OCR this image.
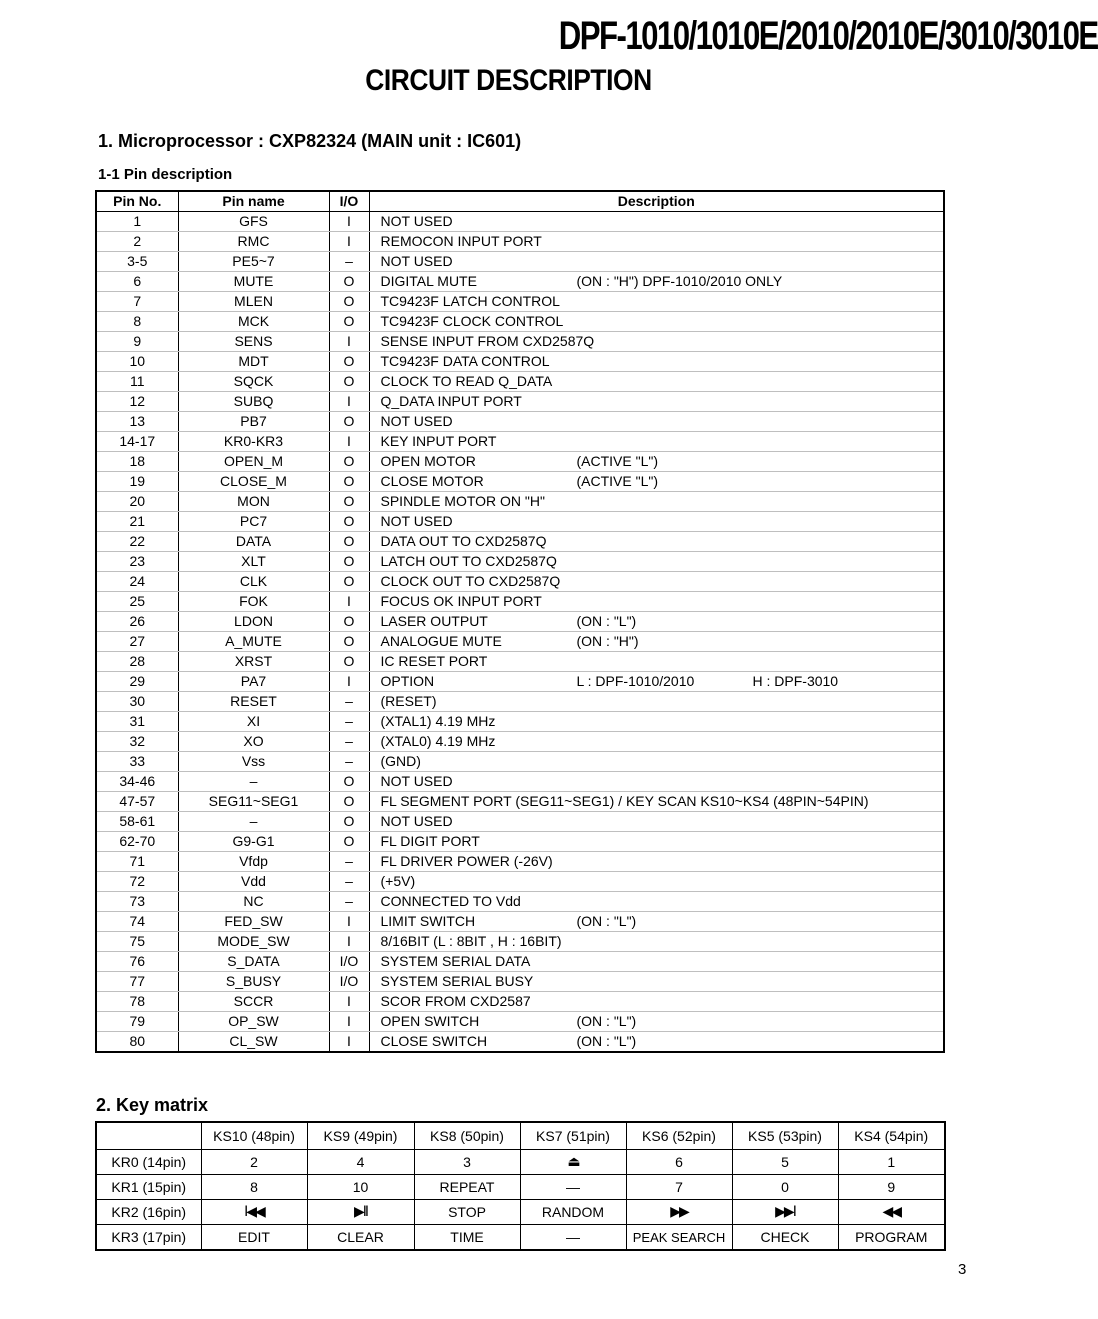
DPF-1010/1010E/2010/2010E/3010/3010E
CIRCUIT DESCRIPTION
1. Microprocessor : CXP82324 (MAIN unit : IC601)
1-1 Pin description
Pin No.	Pin name	I/O	Description
1	GFS	I	NOT USED
2	RMC	I	REMOCON INPUT PORT
3-5	PE5~7	–	NOT USED
6	MUTE	O	DIGITAL MUTE (ON : "H") DPF-1010/2010 ONLY

7	MLEN	O	TC9423F LATCH CONTROL
8	MCK	O	TC9423F CLOCK CONTROL
9	SENS	I	SENSE INPUT FROM CXD2587Q
10	MDT	O	TC9423F DATA CONTROL
11	SQCK	O	CLOCK TO READ Q_DATA
12	SUBQ	I	Q_DATA INPUT PORT
13	PB7	O	NOT USED
14-17	KR0-KR3	I	KEY INPUT PORT
18	OPEN_M	O	OPEN MOTOR (ACTIVE "L")

19	CLOSE_M	O	CLOSE MOTOR (ACTIVE "L")

20	MON	O	SPINDLE MOTOR ON "H"
21	PC7	O	NOT USED
22	DATA	O	DATA OUT TO CXD2587Q
23	XLT	O	LATCH OUT TO CXD2587Q
24	CLK	O	CLOCK OUT TO CXD2587Q
25	FOK	I	FOCUS OK INPUT PORT
26	LDON	O	LASER OUTPUT (ON : "L")

27	A_MUTE	O	ANALOGUE MUTE (ON : "H")

28	XRST	O	IC RESET PORT
29	PA7	I	OPTION L : DPF-1010/2010 H : DPF-3010

30	RESET	–	(RESET)
31	XI	–	(XTAL1) 4.19 MHz
32	XO	–	(XTAL0) 4.19 MHz
33	Vss	–	(GND)
34-46	–	O	NOT USED
47-57	SEG11~SEG1	O	FL SEGMENT PORT (SEG11~SEG1) / KEY SCAN KS10~KS4 (48PIN~54PIN)
58-61	–	O	NOT USED
62-70	G9-G1	O	FL DIGIT PORT
71	Vfdp	–	FL DRIVER POWER (-26V)
72	Vdd	–	(+5V)
73	NC	–	CONNECTED TO Vdd
74	FED_SW	I	LIMIT SWITCH (ON : "L")

75	MODE_SW	I	8/16BIT (L : 8BIT , H : 16BIT)
76	S_DATA	I/O	SYSTEM SERIAL DATA
77	S_BUSY	I/O	SYSTEM SERIAL BUSY
78	SCCR	I	SCOR FROM CXD2587
79	OP_SW	I	OPEN SWITCH (ON : "L")

80	CL_SW	I	CLOSE SWITCH (ON : "L")
2. Key matrix
	KS10 (48pin)	KS9 (49pin)	KS8 (50pin)	KS7 (51pin)	KS6 (52pin)	KS5 (53pin)	KS4 (54pin)
KR0 (14pin)	2	4	3	⏏	6	5	1
KR1 (15pin)	8	10	REPEAT	—	7	0	9
KR2 (16pin)	I◀◀	▶II	STOP	RANDOM	▶▶	▶▶I	◀◀
KR3 (17pin)	EDIT	CLEAR	TIME	—	PEAK SEARCH	CHECK	PROGRAM
3
